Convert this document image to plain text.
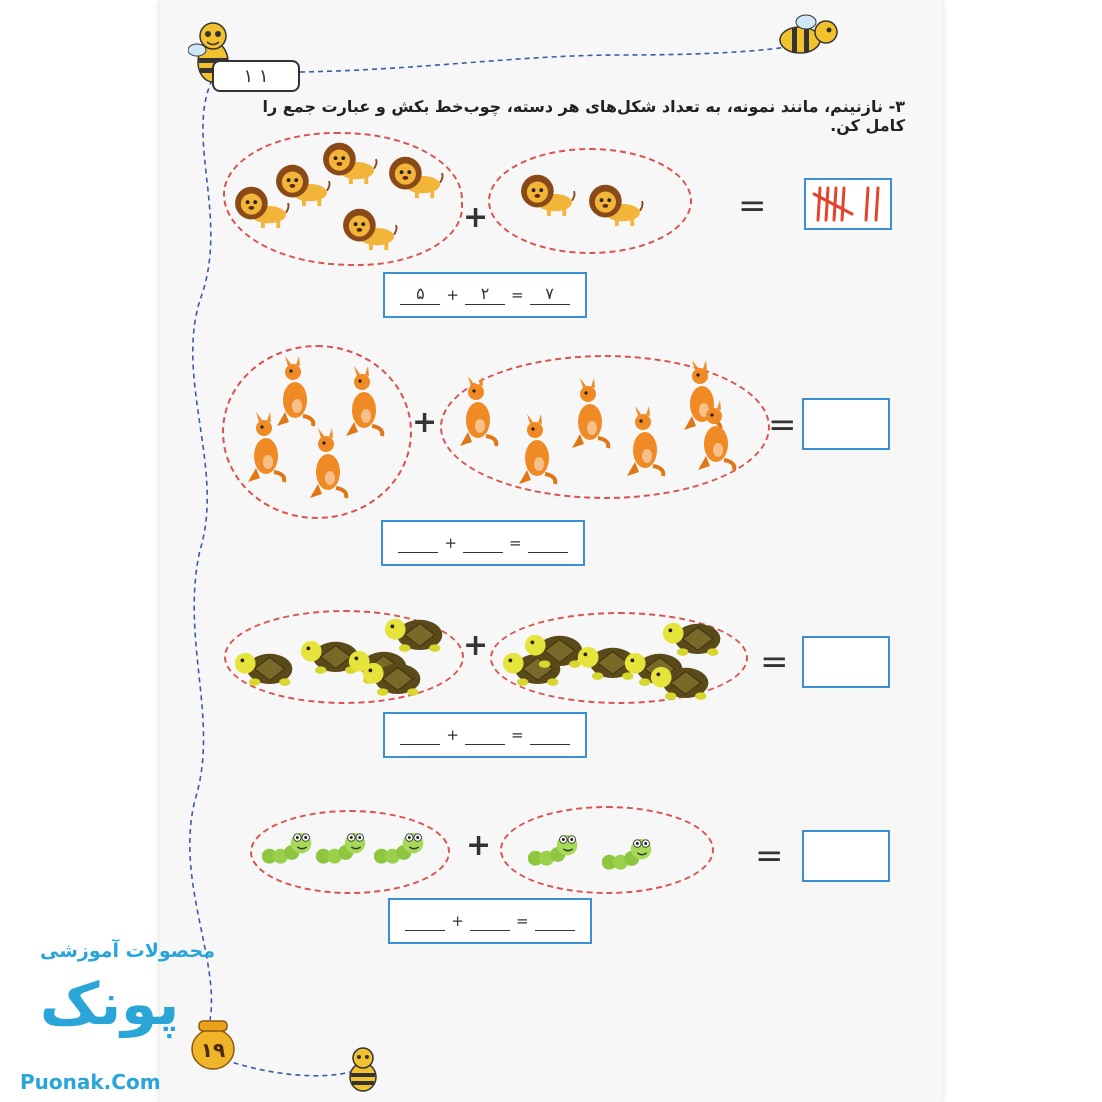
۱ ۱
۳- نازنینم، مانند نمونه، به تعداد شکل‌های هر دسته، چوب‌خط بکش و عبارت جمع را کامل کن.
+	=
۵	+	۲	=	۷
+	=
+	=
+	=
+	=
+	=
+	=
۱۹
محصولات آموزشی
پونک
Puonak.Com
